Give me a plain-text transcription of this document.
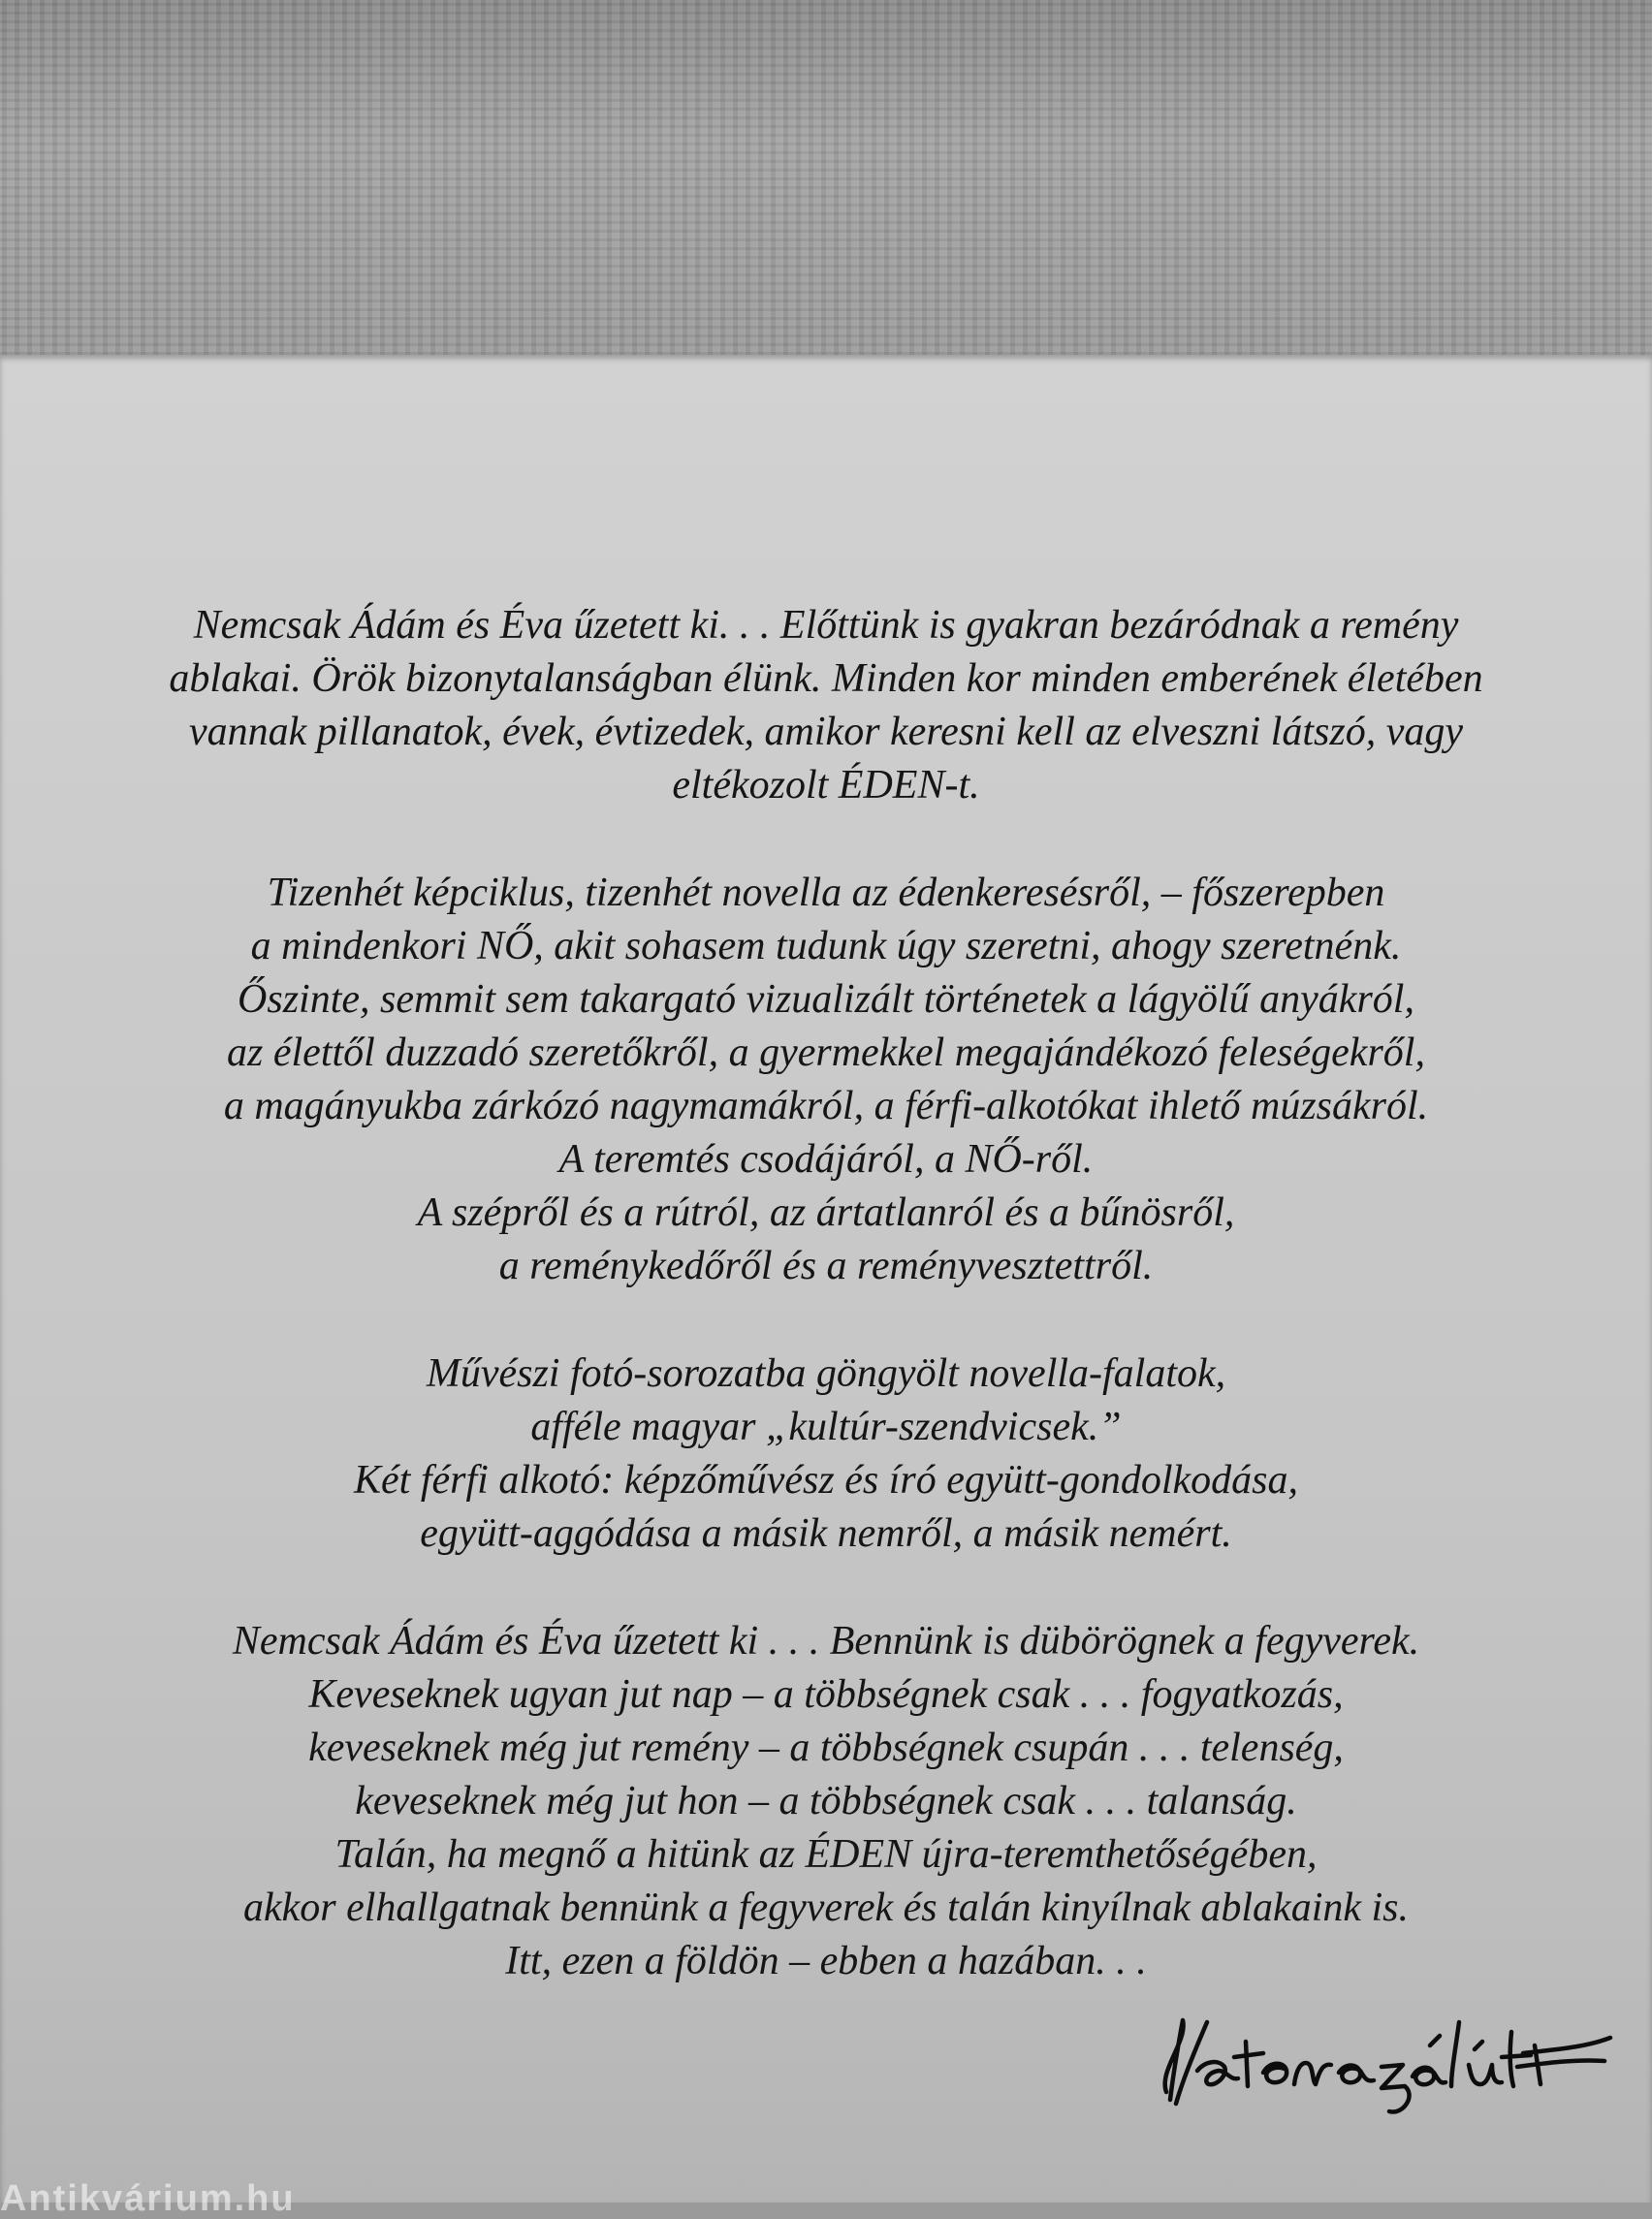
Nemcsak Ádám és Éva űzetett ki. . . Előttünk is gyakran bezáródnak a remény
ablakai. Örök bizonytalanságban élünk. Minden kor minden emberének életében
vannak pillanatok, évek, évtizedek, amikor keresni kell az elveszni látszó, vagy
eltékozolt ÉDEN-t.
Tizenhét képciklus, tizenhét novella az édenkeresésről, – főszerepben
a mindenkori NŐ, akit sohasem tudunk úgy szeretni, ahogy szeretnénk.
Őszinte, semmit sem takargató vizualizált történetek a lágyölű anyákról,
az élettől duzzadó szeretőkről, a gyermekkel megajándékozó feleségekről,
a magányukba zárkózó nagymamákról, a férfi-alkotókat ihlető múzsákról.
A teremtés csodájáról, a NŐ-ről.
A szépről és a rútról, az ártatlanról és a bűnösről,
a reménykedőről és a reményvesztettről.
Művészi fotó-sorozatba göngyölt novella-falatok,
afféle magyar „kultúr-szendvicsek.”
Két férfi alkotó: képzőművész és író együtt-gondolkodása,
együtt-aggódása a másik nemről, a másik nemért.
Nemcsak Ádám és Éva űzetett ki . . . Bennünk is dübörögnek a fegyverek.
Keveseknek ugyan jut nap – a többségnek csak . . . fogyatkozás,
keveseknek még jut remény – a többségnek csupán . . . telenség,
keveseknek még jut hon – a többségnek csak . . . talanság.
Talán, ha megnő a hitünk az ÉDEN újra-teremthetőségében,
akkor elhallgatnak bennünk a fegyverek és talán kinyílnak ablakaink is.
Itt, ezen a földön – ebben a hazában. . .
Antikvárium.hu
